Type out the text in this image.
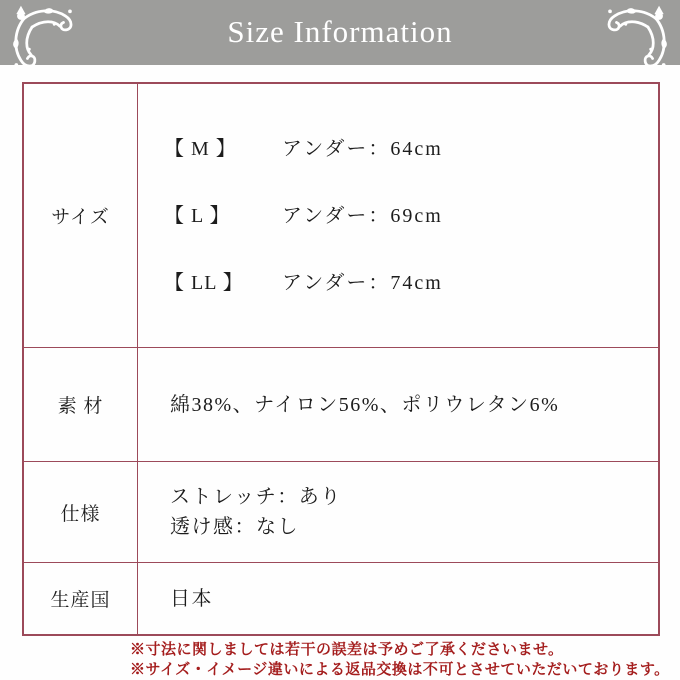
Size Information
サイズ
【 M 】	アンダー：64cm
【 L 】	アンダー：69cm
【 LL 】	アンダー：74cm
素 材	綿38%、ナイロン56%、ポリウレタン6%
仕様
ストレッチ：あり
透け感：なし
生産国	日本
※寸法に関しましては若干の誤差は予めご了承くださいませ。
※サイズ・イメージ違いによる返品交換は不可とさせていただいております。
